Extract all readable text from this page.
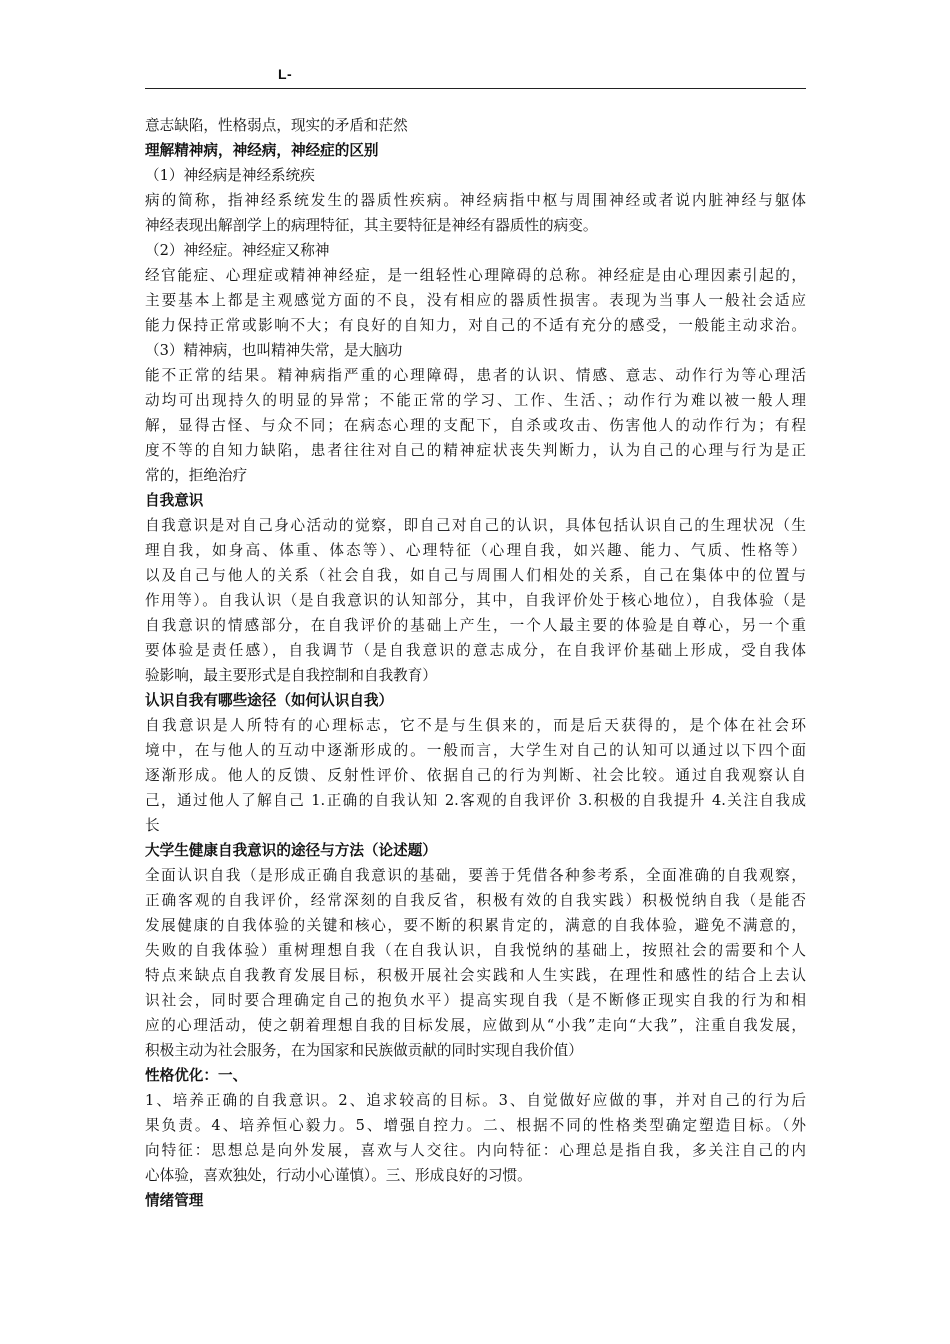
L-
意志缺陷，性格弱点，现实的矛盾和茫然
理解精神病，神经病，神经症的区别
（1）神经病是神经系统疾
病的简称，指神经系统发生的器质性疾病。神经病指中枢与周围神经或者说内脏神经与躯体
神经表现出解剖学上的病理特征，其主要特征是神经有器质性的病变。
（2）神经症。神经症又称神
经官能症、心理症或精神神经症，是一组轻性心理障碍的总称。神经症是由心理因素引起的，
主要基本上都是主观感觉方面的不良，没有相应的器质性损害。表现为当事人一般社会适应
能力保持正常或影响不大；有良好的自知力，对自己的不适有充分的感受，一般能主动求治。
（3）精神病，也叫精神失常，是大脑功
能不正常的结果。精神病指严重的心理障碍，患者的认识、情感、意志、动作行为等心理活
动均可出现持久的明显的异常；不能正常的学习、工作、生活、；动作行为难以被一般人理
解，显得古怪、与众不同；在病态心理的支配下，自杀或攻击、伤害他人的动作行为；有程
度不等的自知力缺陷，患者往往对自己的精神症状丧失判断力，认为自己的心理与行为是正
常的，拒绝治疗
自我意识
自我意识是对自己身心活动的觉察，即自己对自己的认识，具体包括认识自己的生理状况（生
理自我，如身高、体重、体态等）、心理特征（心理自我，如兴趣、能力、气质、性格等）
以及自己与他人的关系（社会自我，如自己与周围人们相处的关系，自己在集体中的位置与
作用等）。自我认识（是自我意识的认知部分，其中，自我评价处于核心地位），自我体验（是
自我意识的情感部分，在自我评价的基础上产生，一个人最主要的体验是自尊心，另一个重
要体验是责任感），自我调节（是自我意识的意志成分，在自我评价基础上形成，受自我体
验影响，最主要形式是自我控制和自我教育）
认识自我有哪些途径（如何认识自我）
自我意识是人所特有的心理标志，它不是与生俱来的，而是后天获得的，是个体在社会环
境中，在与他人的互动中逐渐形成的。一般而言，大学生对自己的认知可以通过以下四个面
逐渐形成。他人的反馈、反射性评价、依据自己的行为判断、社会比较。通过自我观察认自
己，通过他人了解自己 1.正确的自我认知 2.客观的自我评价 3.积极的自我提升 4.关注自我成
长
大学生健康自我意识的途径与方法（论述题）
全面认识自我（是形成正确自我意识的基础，要善于凭借各种参考系，全面准确的自我观察，
正确客观的自我评价，经常深刻的自我反省，积极有效的自我实践）积极悦纳自我（是能否
发展健康的自我体验的关键和核心，要不断的积累肯定的，满意的自我体验，避免不满意的，
失败的自我体验）重树理想自我（在自我认识，自我悦纳的基础上，按照社会的需要和个人
特点来缺点自我教育发展目标，积极开展社会实践和人生实践，在理性和感性的结合上去认
识社会，同时要合理确定自己的抱负水平）提高实现自我（是不断修正现实自我的行为和相
应的心理活动，使之朝着理想自我的目标发展，应做到从“小我”走向“大我”，注重自我发展，
积极主动为社会服务，在为国家和民族做贡献的同时实现自我价值）
性格优化：一、
1、培养正确的自我意识。2、追求较高的目标。3、自觉做好应做的事，并对自己的行为后
果负责。4、培养恒心毅力。5、增强自控力。二、根据不同的性格类型确定塑造目标。（外
向特征：思想总是向外发展，喜欢与人交往。内向特征：心理总是指自我，多关注自己的内
心体验，喜欢独处，行动小心谨慎）。三、形成良好的习惯。
情绪管理
